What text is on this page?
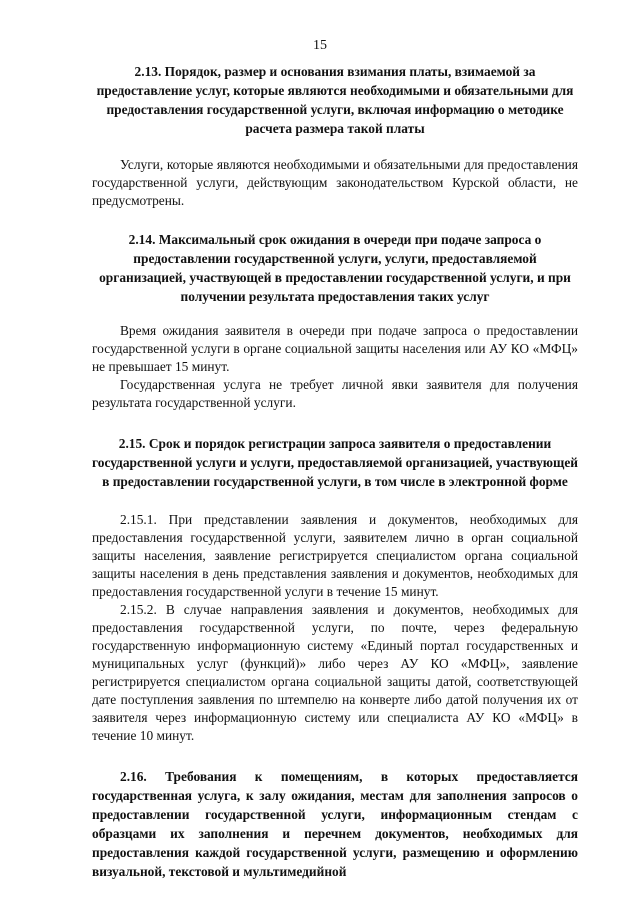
15

2.13. Порядок, размер и основания взимания платы, взимаемой за предоставление услуг, которые являются необходимыми и обязательными для предоставления государственной услуги, включая информацию о методике расчета размера такой платы

Услуги, которые являются необходимыми и обязательными для предоставления государственной услуги, действующим законодательством Курской области, не предусмотрены.

2.14. Максимальный срок ожидания в очереди при подаче запроса о предоставлении государственной услуги, услуги, предоставляемой организацией, участвующей в предоставлении государственной услуги, и при получении результата предоставления таких услуг

Время ожидания заявителя в очереди при подаче запроса о предоставлении государственной услуги в органе социальной защиты населения или АУ КО «МФЦ» не превышает 15 минут.

Государственная услуга не требует личной явки заявителя для получения результата государственной услуги.

2.15. Срок и порядок регистрации запроса заявителя о предоставлении государственной услуги и услуги, предоставляемой организацией, участвующей в предоставлении государственной услуги, в том числе в электронной форме

2.15.1. При представлении заявления и документов, необходимых для предоставления государственной услуги, заявителем лично в орган социальной защиты населения, заявление регистрируется специалистом органа социальной защиты населения в день представления заявления и документов, необходимых для предоставления государственной услуги в течение 15 минут.

2.15.2. В случае направления заявления и документов, необходимых для предоставления государственной услуги, по почте, через федеральную государственную информационную систему «Единый портал государственных и муниципальных услуг (функций)» либо через АУ КО «МФЦ», заявление регистрируется специалистом органа социальной защиты датой, соответствующей дате поступления заявления по штемпелю на конверте либо датой получения их от заявителя через информационную систему или специалиста АУ КО «МФЦ» в течение 10 минут.

2.16. Требования к помещениям, в которых предоставляется государственная услуга, к залу ожидания, местам для заполнения запросов о предоставлении государственной услуги, информационным стендам с образцами их заполнения и перечнем документов, необходимых для предоставления каждой государственной услуги, размещению и оформлению визуальной, текстовой и мультимедийной
